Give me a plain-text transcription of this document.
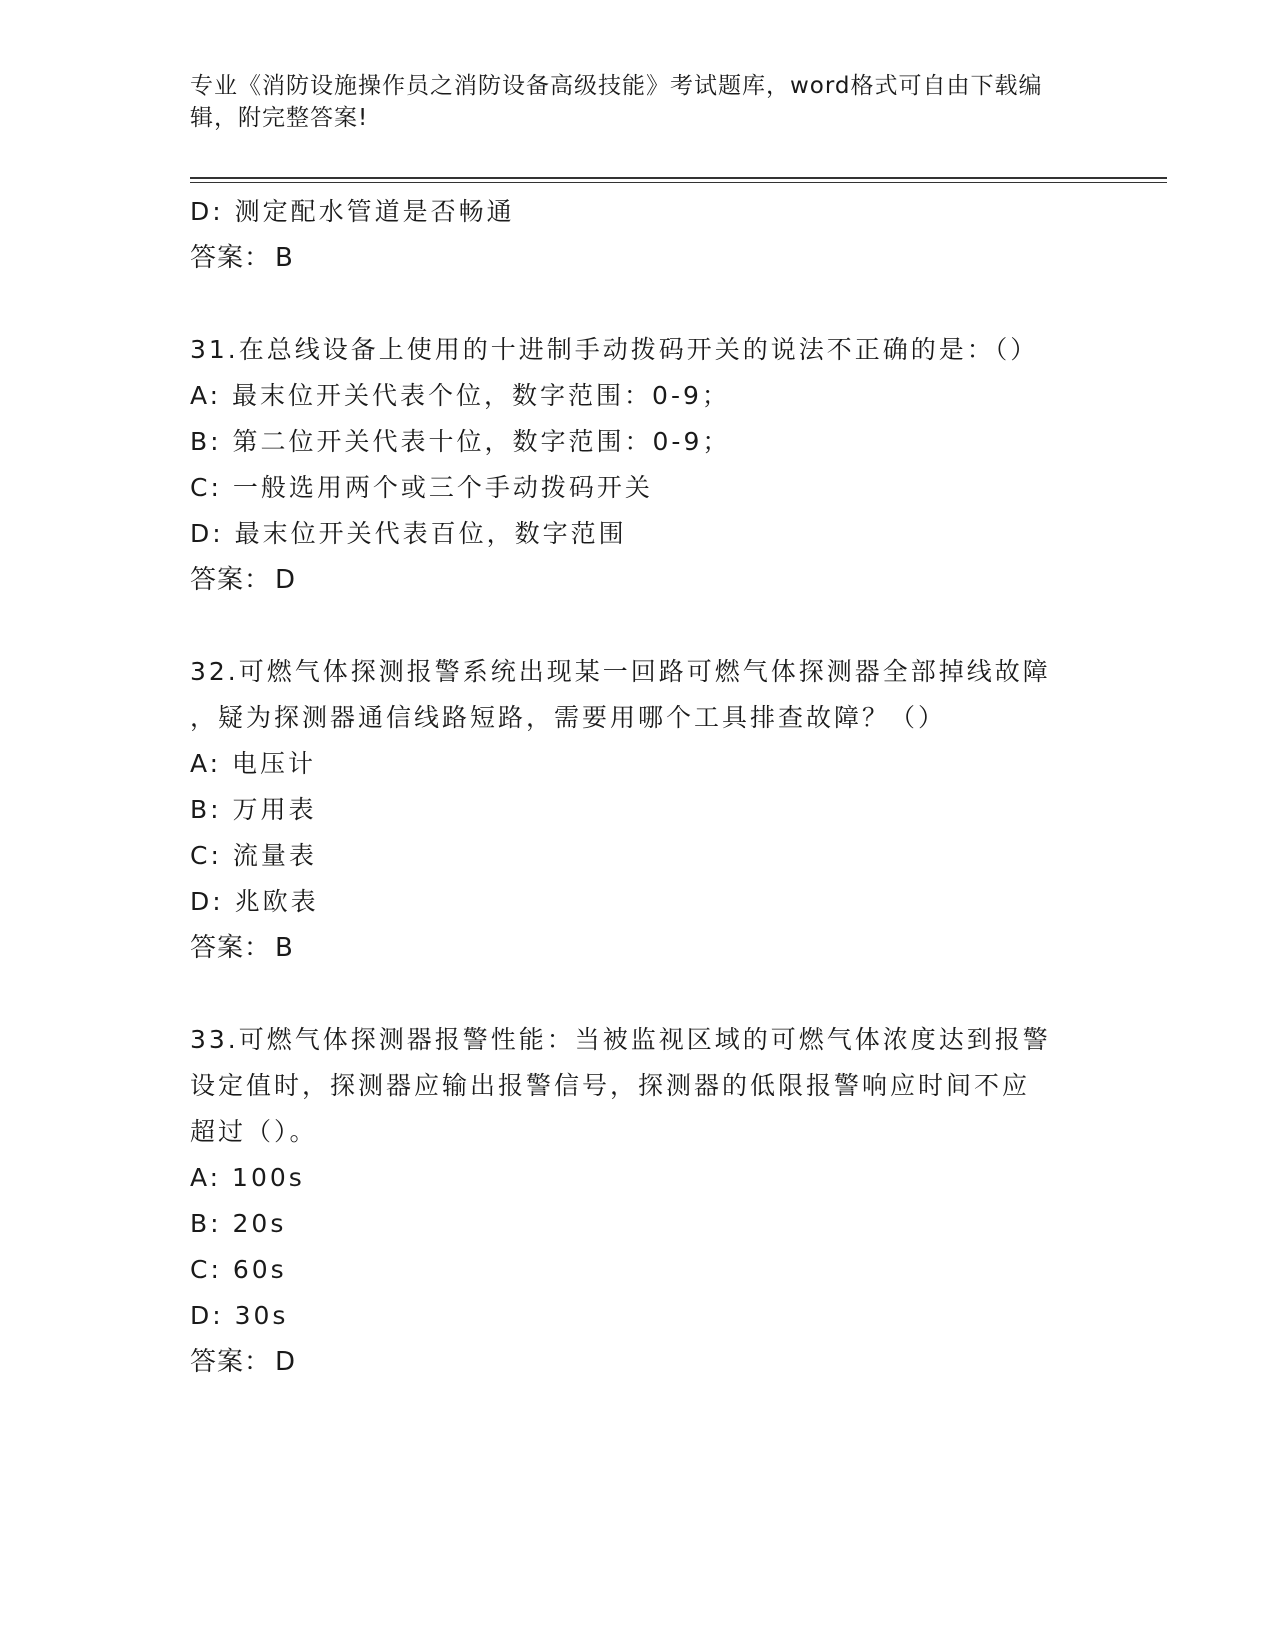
专业《消防设施操作员之消防设备高级技能》考试题库，word格式可自由下载编
辑，附完整答案!
D: 测定配水管道是否畅通
答案： B
31.在总线设备上使用的十进制手动拨码开关的说法不正确的是：（）
A: 最末位开关代表个位，数字范围：0-9；
B: 第二位开关代表十位，数字范围：0-9；
C: 一般选用两个或三个手动拨码开关
D: 最末位开关代表百位，数字范围
答案： D
32.可燃气体探测报警系统出现某一回路可燃气体探测器全部掉线故障
，疑为探测器通信线路短路，需要用哪个工具排查故障？（）
A: 电压计
B: 万用表
C: 流量表
D: 兆欧表
答案： B
33.可燃气体探测器报警性能：当被监视区域的可燃气体浓度达到报警
设定值时，探测器应输出报警信号，探测器的低限报警响应时间不应
超过（）。
A: 100s
B: 20s
C: 60s
D: 30s
答案： D
